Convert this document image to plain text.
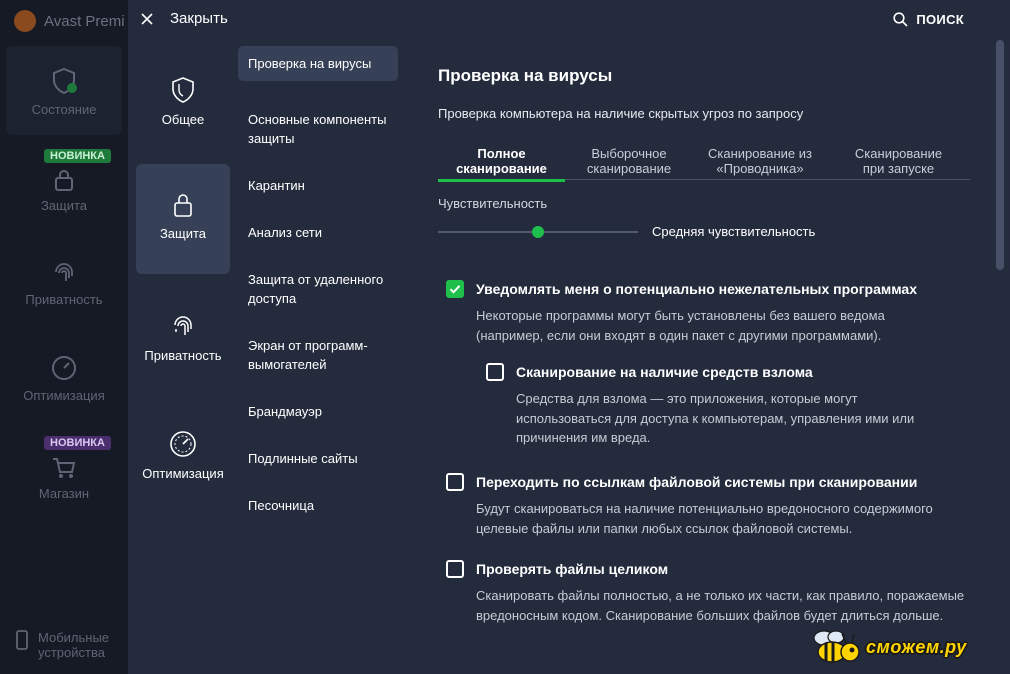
Avast Premi
Состояние
НОВИНКА
Защита
Приватность
Оптимизация
НОВИНКА
Магазин
Мобильные устройства
Закрыть	ПОИСК
Общее
Защита
Приватность
Оптимизация
Проверка на вирусы
Основные компоненты защиты
Карантин
Анализ сети
Защита от удаленного доступа
Экран от программ-вымогателей
Брандмауэр
Подлинные сайты
Песочница
Проверка на вирусы
Проверка компьютера на наличие скрытых угроз по запросу
Полное
сканирование
Выборочное
сканирование
Сканирование из
«Проводника»
Сканирование
при запуске
Чувствительность
Средняя чувствительность
Уведомлять меня о потенциально нежелательных программах
Некоторые программы могут быть установлены без вашего ведома (например, если они входят в один пакет с другими программами).
Сканирование на наличие средств взлома
Средства для взлома — это приложения, которые могут использоваться для доступа к компьютерам, управления ими или причинения им вреда.
Переходить по ссылкам файловой системы при сканировании
Будут сканироваться на наличие потенциально вредоносного содержимого целевые файлы или папки любых ссылок файловой системы.
Проверять файлы целиком
Сканировать файлы полностью, а не только их части, как правило, поражаемые вредоносным кодом. Сканирование больших файлов будет длиться дольше.
сможем.ру
